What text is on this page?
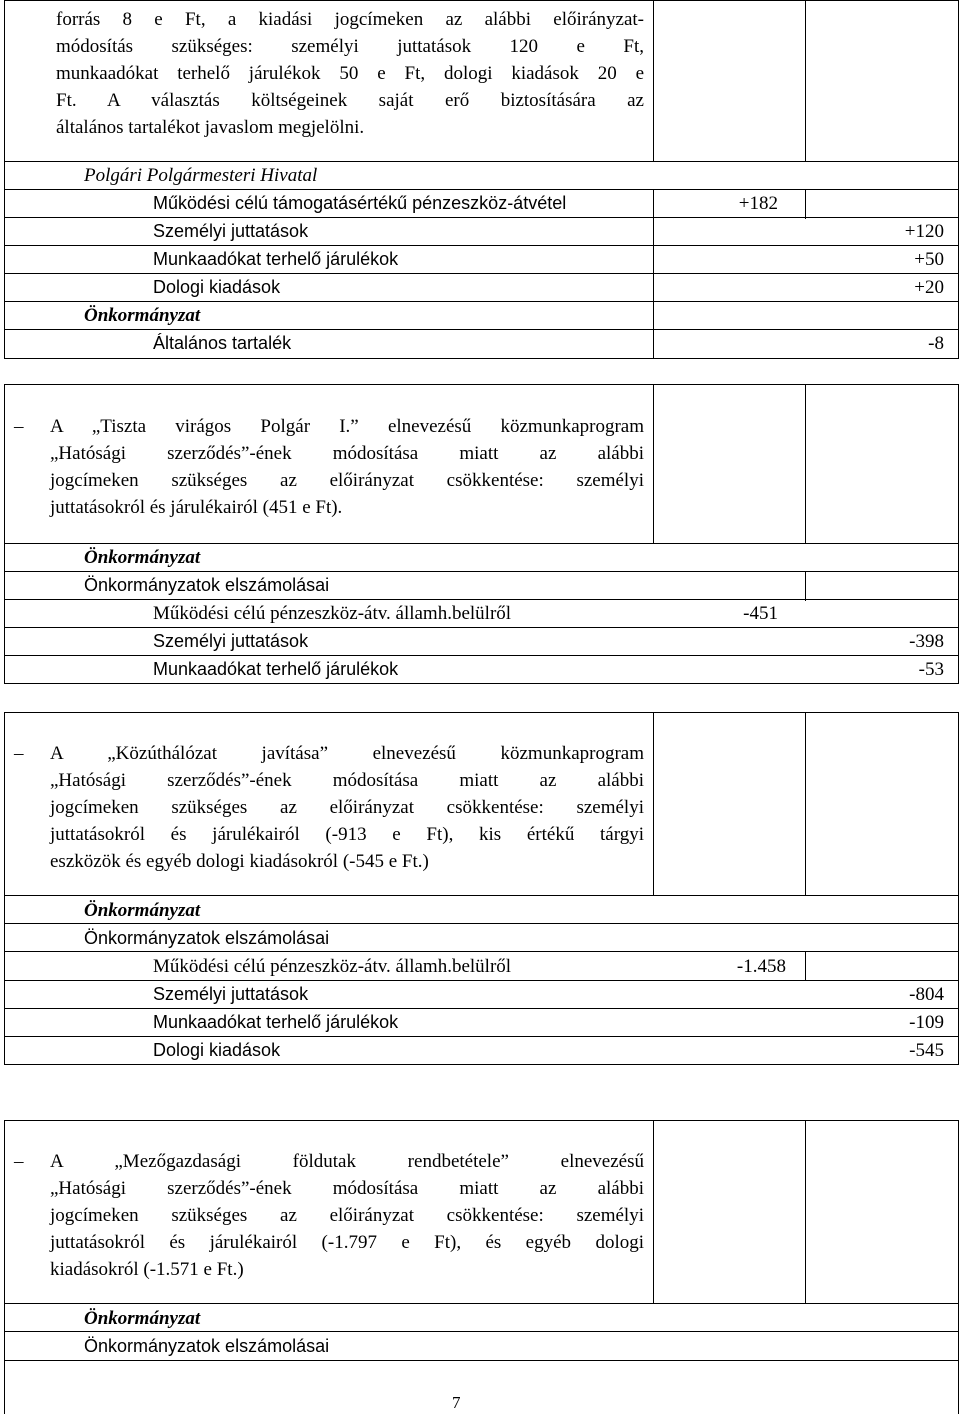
forrás 8 e Ft, a kiadási jogcímeken az alábbi előirányzat-
módosítás szükséges: személyi juttatások 120 e Ft,
munkaadókat terhelő járulékok 50 e Ft, dologi kiadások 20 e
Ft. A választás költségeinek saját erő biztosítására az
általános tartalékot javaslom megjelölni.
Polgári Polgármesteri Hivatal
Működési célú támogatásértékű pénzeszköz-átvétel	+182
Személyi juttatások	+120
Munkaadókat terhelő járulékok	+50
Dologi kiadások	+20
Önkormányzat
Általános tartalék	-8
– A „Tiszta virágos Polgár I.” elnevezésű közmunkaprogram
„Hatósági szerződés”-ének módosítása miatt az alábbi
jogcímeken szükséges az előirányzat csökkentése: személyi
juttatásokról és járulékairól (451 e Ft).
Önkormányzat
Önkormányzatok elszámolásai
Működési célú pénzeszköz-átv. államh.belülről	-451
Személyi juttatások	-398
Munkaadókat terhelő járulékok	-53
– A „Közúthálózat javítása” elnevezésű közmunkaprogram
„Hatósági szerződés”-ének módosítása miatt az alábbi
jogcímeken szükséges az előirányzat csökkentése: személyi
juttatásokról és járulékairól (-913 e Ft), kis értékű tárgyi
eszközök és egyéb dologi kiadásokról (-545 e Ft.)
Önkormányzat
Önkormányzatok elszámolásai
Működési célú pénzeszköz-átv. államh.belülről	-1.458
Személyi juttatások	-804
Munkaadókat terhelő járulékok	-109
Dologi kiadások	-545
– A „Mezőgazdasági földutak rendbetétele” elnevezésű
„Hatósági szerződés”-ének módosítása miatt az alábbi
jogcímeken szükséges az előirányzat csökkentése: személyi
juttatásokról és járulékairól (-1.797 e Ft), és egyéb dologi
kiadásokról (-1.571 e Ft.)
Önkormányzat
Önkormányzatok elszámolásai
7
